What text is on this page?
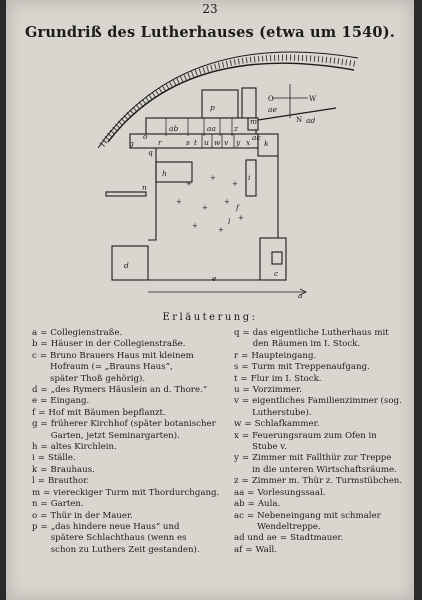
23
Grundriß des Lutherhauses (etwa um 1540).
O	W
N
+
+
+
+
+
+
+	+
+
a
d
c
e
f
g
h	i
k
m
p
o
n
l
ab	aa z
u w v y
t
s
q
x
r
ae
ad
ac
Erläuterung:
a = Collegienstraße.
b = Häuser in der Collegienstraße.
c = Bruno Brauers Haus mit kleinem
Hofraum (= „Brauns Haus“,
später Thoß gehörig).
d = „des Rymers Häuslein an d. Thore.“
e = Eingang.
f = Hof mit Bäumen bepflanzt.
g = früherer Kirchhof (später botanischer
Garten, jetzt Seminargarten).
h = altes Kirchlein.
i = Ställe.
k = Brauhaus.
l = Brauthor.
m = viereckiger Turm mit Thordurchgang.
n = Garten.
o = Thür in der Mauer.
p = „das hindere neue Haus“ und
spätere Schlachthaus (wenn es
schon zu Luthers Zeit gestanden).
q = das eigentliche Lutherhaus mit
den Räumen im I. Stock.
r = Haupteingang.
s = Turm mit Treppenaufgang.
t = Flur im I. Stock.
u = Vorzimmer.
v = eigentliches Familienzimmer (sog.
Lutherstube).
w = Schlafkammer.
x = Feuerungsraum zum Ofen in
Stube v.
y = Zimmer mit Fallthür zur Treppe
in die unteren Wirtschaftsräume.
z = Zimmer m. Thür z. Turmstübchen.
aa = Vorlesungssaal.
ab = Aula.
ac = Nebeneingang mit schmaler
Wendeltreppe.
ad und ae = Stadtmauer.
af = Wall.
